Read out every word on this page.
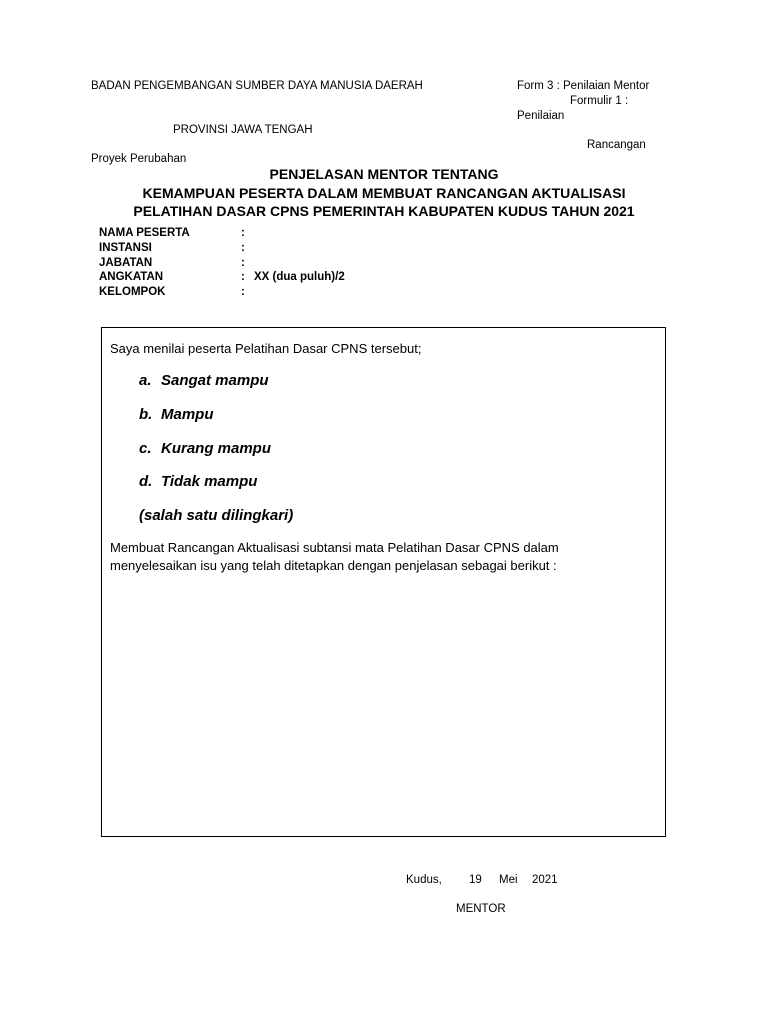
BADAN PENGEMBANGAN SUMBER DAYA MANUSIA DAERAH	Form 3 : Penilaian Mentor
Formulir 1 :
Penilaian
PROVINSI JAWA TENGAH
Rancangan
Proyek Perubahan
PENJELASAN MENTOR TENTANG
KEMAMPUAN PESERTA DALAM MEMBUAT RANCANGAN AKTUALISASI
PELATIHAN DASAR CPNS PEMERINTAH KABUPATEN KUDUS TAHUN 2021
NAMA PESERTA	:
INSTANSI	:
JABATAN	:
ANGKATAN	: XX (dua puluh)/2
KELOMPOK	:
Saya menilai peserta Pelatihan Dasar CPNS tersebut;
a. Sangat mampu
b. Mampu
c. Kurang mampu
d. Tidak mampu
(salah satu dilingkari)
Membuat Rancangan Aktualisasi subtansi mata Pelatihan Dasar CPNS dalam
menyelesaikan isu yang telah ditetapkan dengan penjelasan sebagai berikut :
Kudus, 19 Mei 2021
MENTOR
